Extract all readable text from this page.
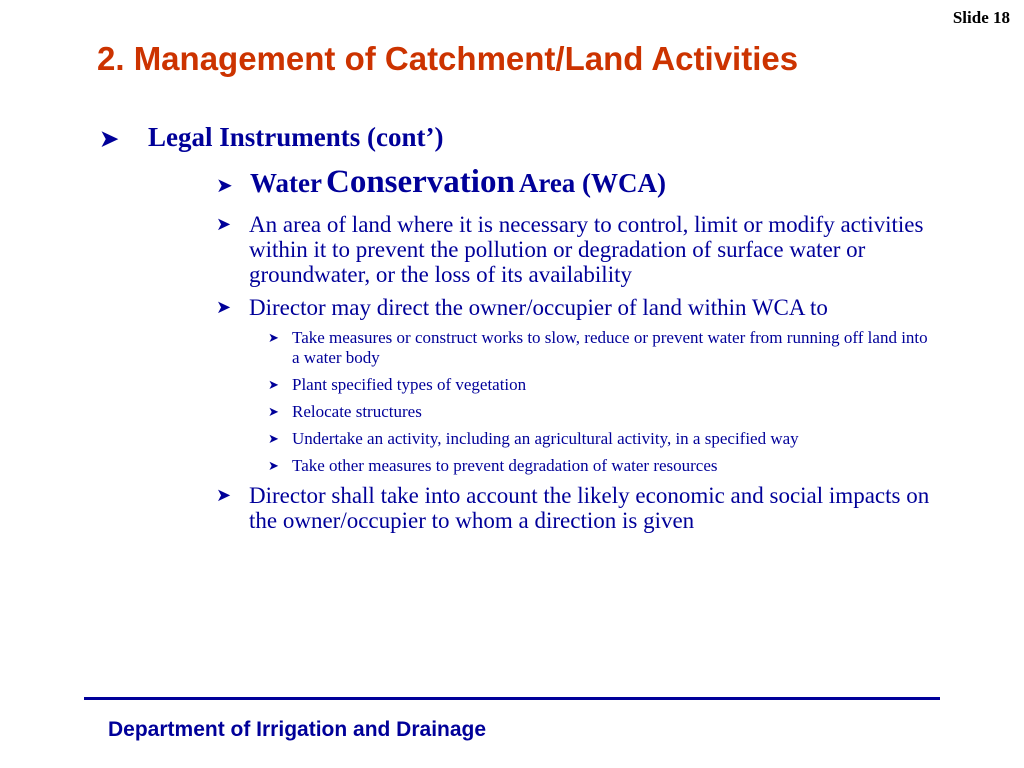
Slide 18
2. Management of Catchment/Land Activities
➤ Legal Instruments (cont’)
➤ Water Conservation Area (WCA)
➤ An area of land where it is necessary to control, limit or modify activities within it to prevent the pollution or degradation of surface water or groundwater, or the loss of its availability
➤ Director may direct the owner/occupier of land within WCA to
➤ Take measures or construct works to slow, reduce or prevent water from running off land into a water body
➤ Plant specified types of vegetation
➤ Relocate structures
➤ Undertake an activity, including an agricultural activity, in a specified way
➤ Take other measures to prevent degradation of water resources
➤ Director shall take into account the likely economic and social impacts on the owner/occupier to whom a direction is given
Department of Irrigation and Drainage
